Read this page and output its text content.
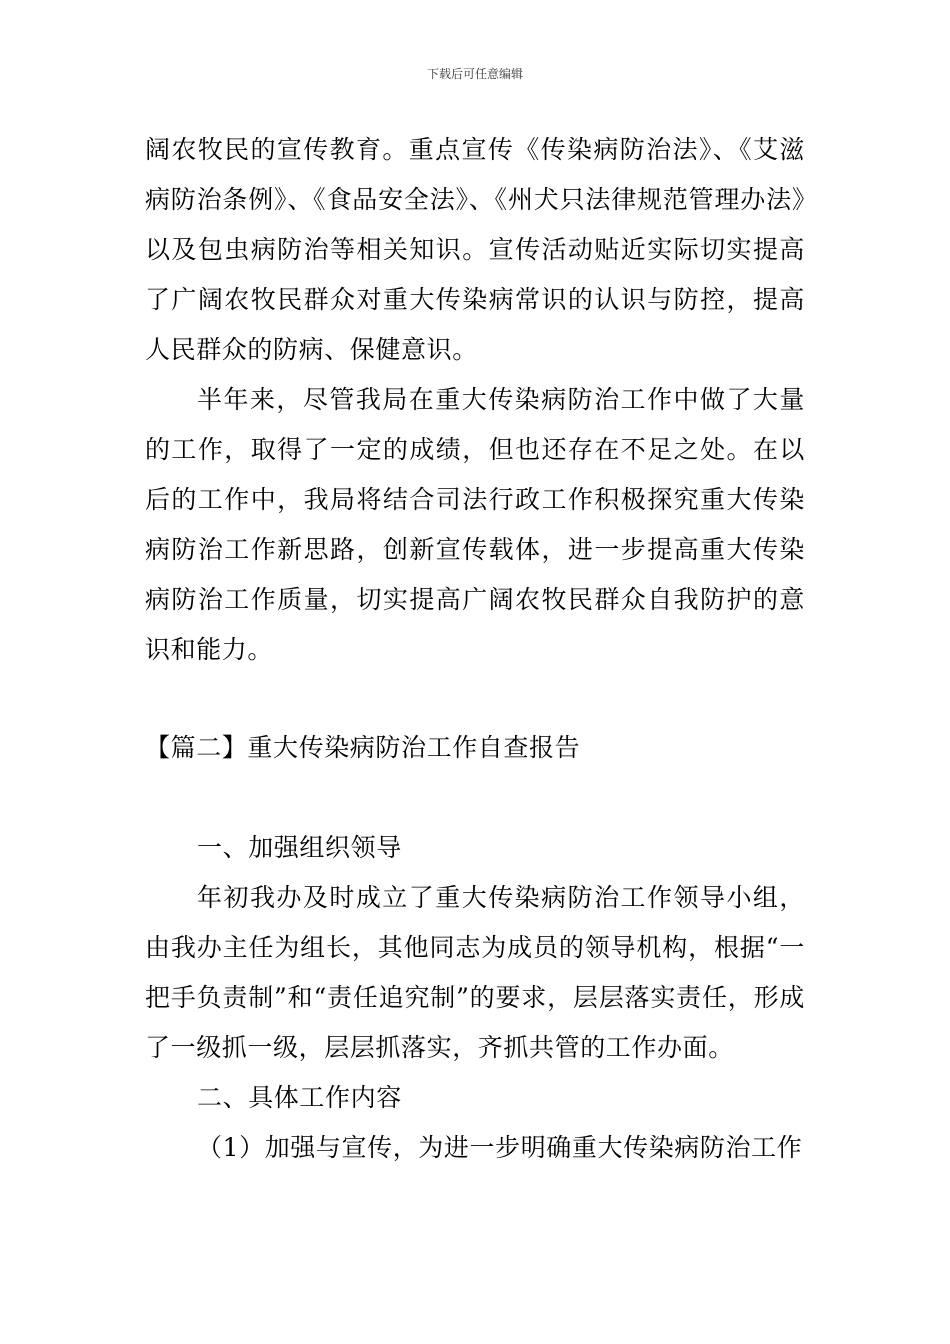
下载后可任意编辑

阔农牧民的宣传教育。重点宣传《传染病防治法》、《艾滋病防治条例》、《食品安全法》、《州犬只法律规范管理办法》以及包虫病防治等相关知识。宣传活动贴近实际切实提高了广阔农牧民群众对重大传染病常识的认识与防控，提高人民群众的防病、保健意识。

半年来，尽管我局在重大传染病防治工作中做了大量的工作，取得了一定的成绩，但也还存在不足之处。在以后的工作中，我局将结合司法行政工作积极探究重大传染病防治工作新思路，创新宣传载体，进一步提高重大传染病防治工作质量，切实提高广阔农牧民群众自我防护的意识和能力。

【篇二】重大传染病防治工作自查报告

一、加强组织领导

年初我办及时成立了重大传染病防治工作领导小组，由我办主任为组长，其他同志为成员的领导机构，根据“一把手负责制”和“责任追究制”的要求，层层落实责任，形成了一级抓一级，层层抓落实，齐抓共管的工作办面。

二、具体工作内容

（1）加强与宣传，为进一步明确重大传染病防治工作
